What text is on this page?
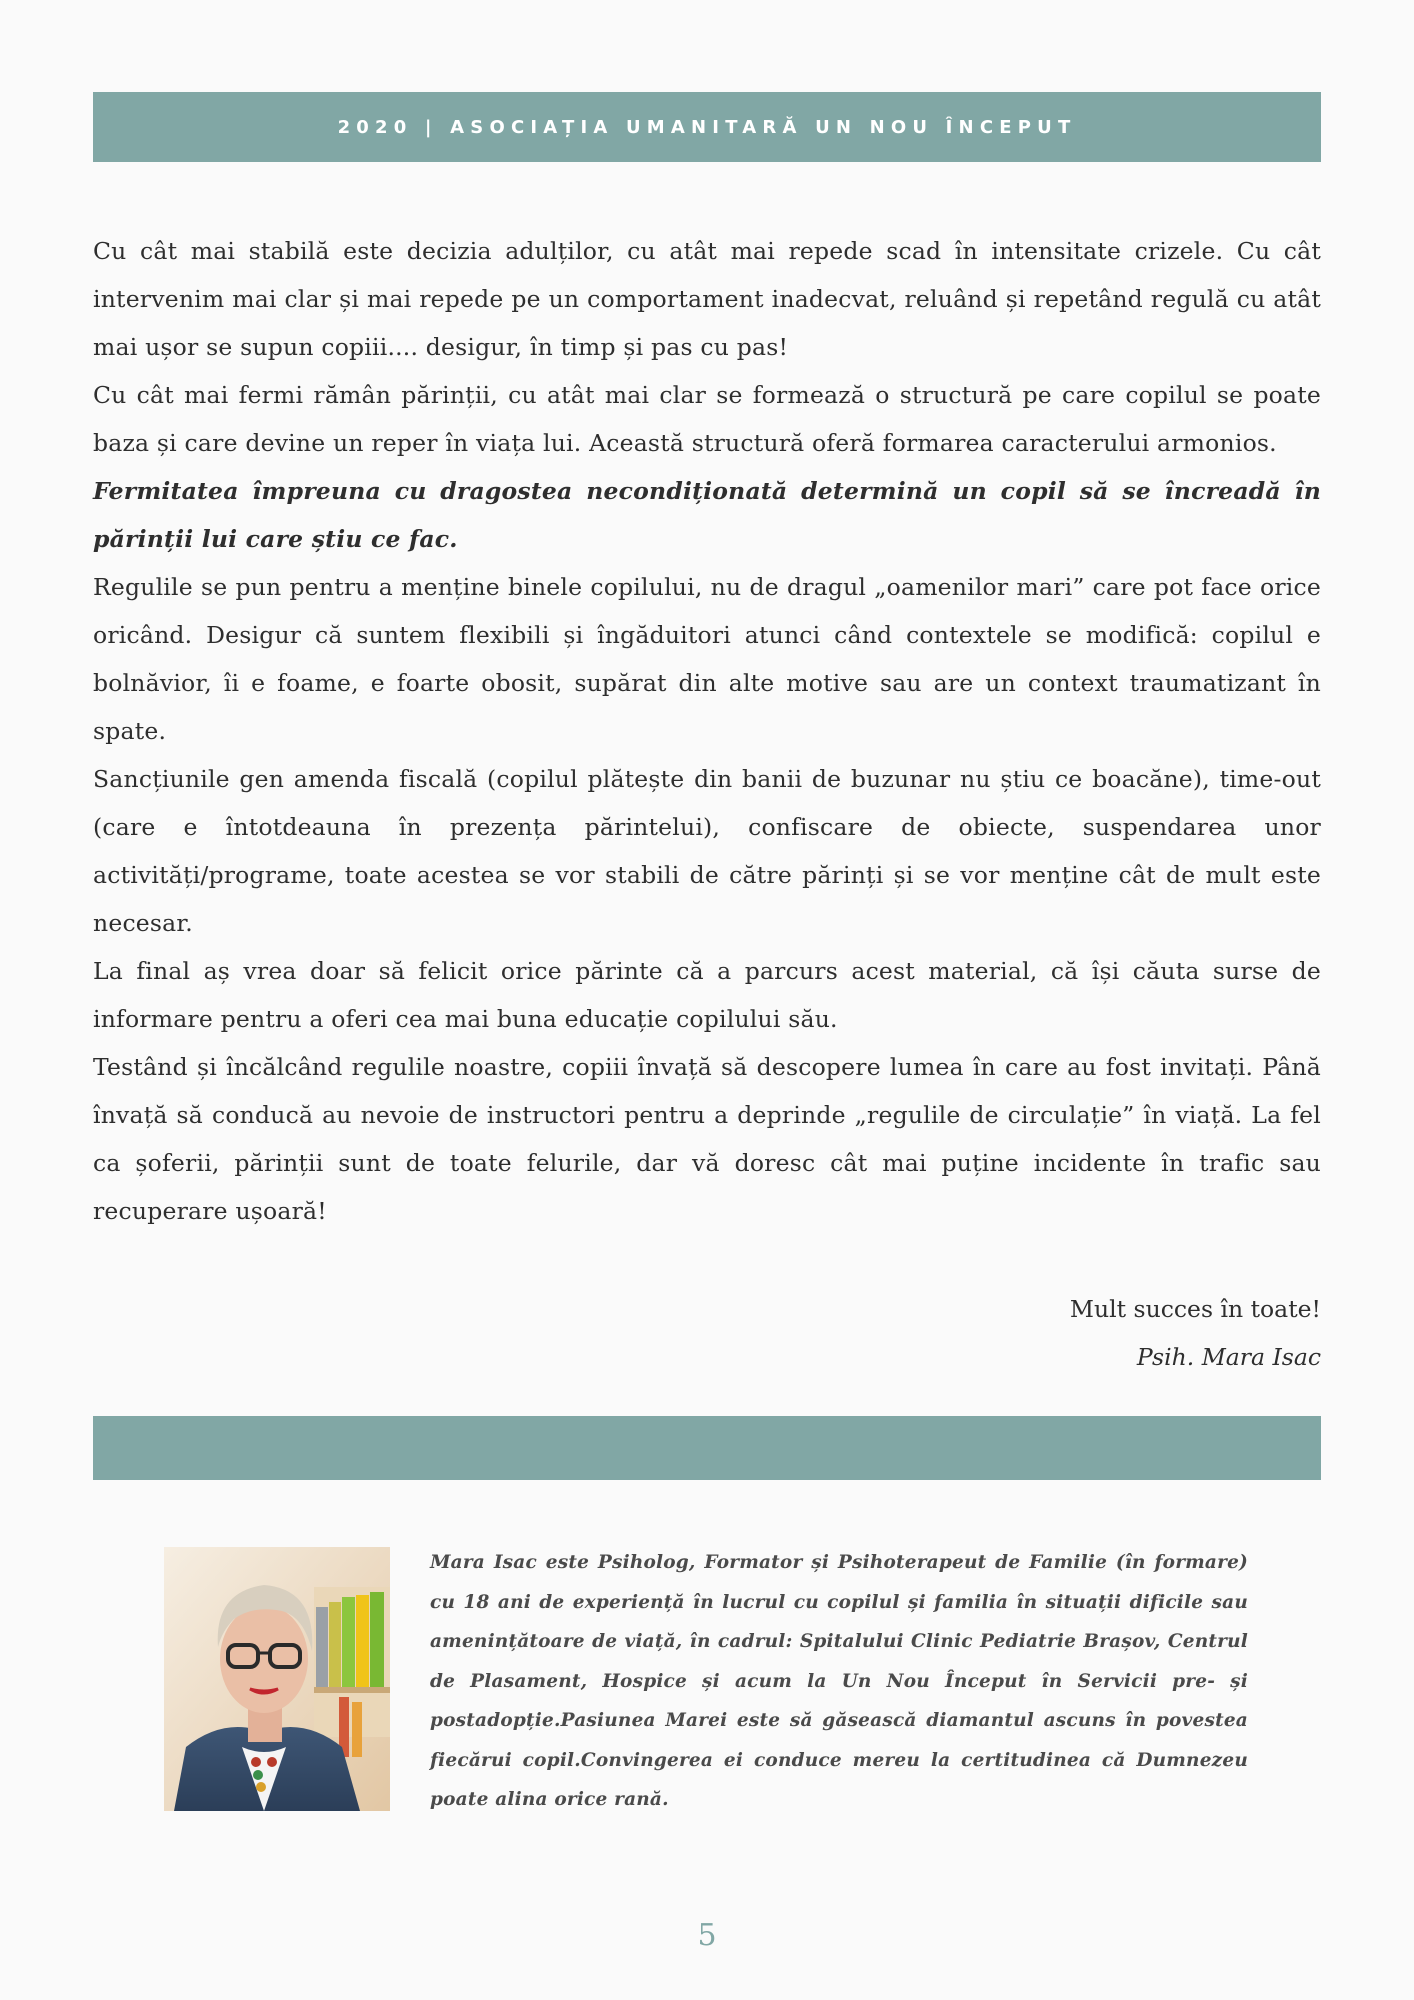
2020 | ASOCIAȚIA UMANITARĂ UN NOU ÎNCEPUT

Cu cât mai stabilă este decizia adulților, cu atât mai repede scad în intensitate crizele. Cu cât intervenim mai clar și mai repede pe un comportament inadecvat, reluând și repetând regulă cu atât mai ușor se supun copiii.... desigur, în timp și pas cu pas!

Cu cât mai fermi rămân părinții, cu atât mai clar se formează o structură pe care copilul se poate baza și care devine un reper în viața lui. Această structură oferă formarea caracterului armonios.

Fermitatea împreuna cu dragostea necondiționată determină un copil să se încreadă în părinții lui care știu ce fac.

Regulile se pun pentru a menține binele copilului, nu de dragul „oamenilor mari” care pot face orice oricând. Desigur că suntem flexibili și îngăduitori atunci când contextele se modifică: copilul e bolnăvior, îi e foame, e foarte obosit, supărat din alte motive sau are un context traumatizant în spate.

Sancțiunile gen amenda fiscală (copilul plătește din banii de buzunar nu știu ce boacăne), time-out (care e întotdeauna în prezența părintelui), confiscare de obiecte, suspendarea unor activități/programe, toate acestea se vor stabili de către părinți și se vor menține cât de mult este necesar.

La final aș vrea doar să felicit orice părinte că a parcurs acest material, că își căuta surse de informare pentru a oferi cea mai buna educație copilului său.

Testând și încălcând regulile noastre, copiii învață să descopere lumea în care au fost invitați. Până învață să conducă au nevoie de instructori pentru a deprinde „regulile de circulație” în viață. La fel ca șoferii, părinții sunt de toate felurile, dar vă doresc cât mai puține incidente în trafic sau recuperare ușoară!

Mult succes în toate!
Psih. Mara Isac
Mara Isac este Psiholog, Formator și Psihoterapeut de Familie (în formare) cu 18 ani de experiență în lucrul cu copilul și familia în situații dificile sau amenințătoare de viață, în cadrul: Spitalului Clinic Pediatrie Brașov, Centrul de Plasament, Hospice și acum la Un Nou Început în Servicii pre- și postadopție.Pasiunea Marei este să găsească diamantul ascuns în povestea fiecărui copil.Convingerea ei conduce mereu la certitudinea că Dumnezeu poate alina orice rană.
5
